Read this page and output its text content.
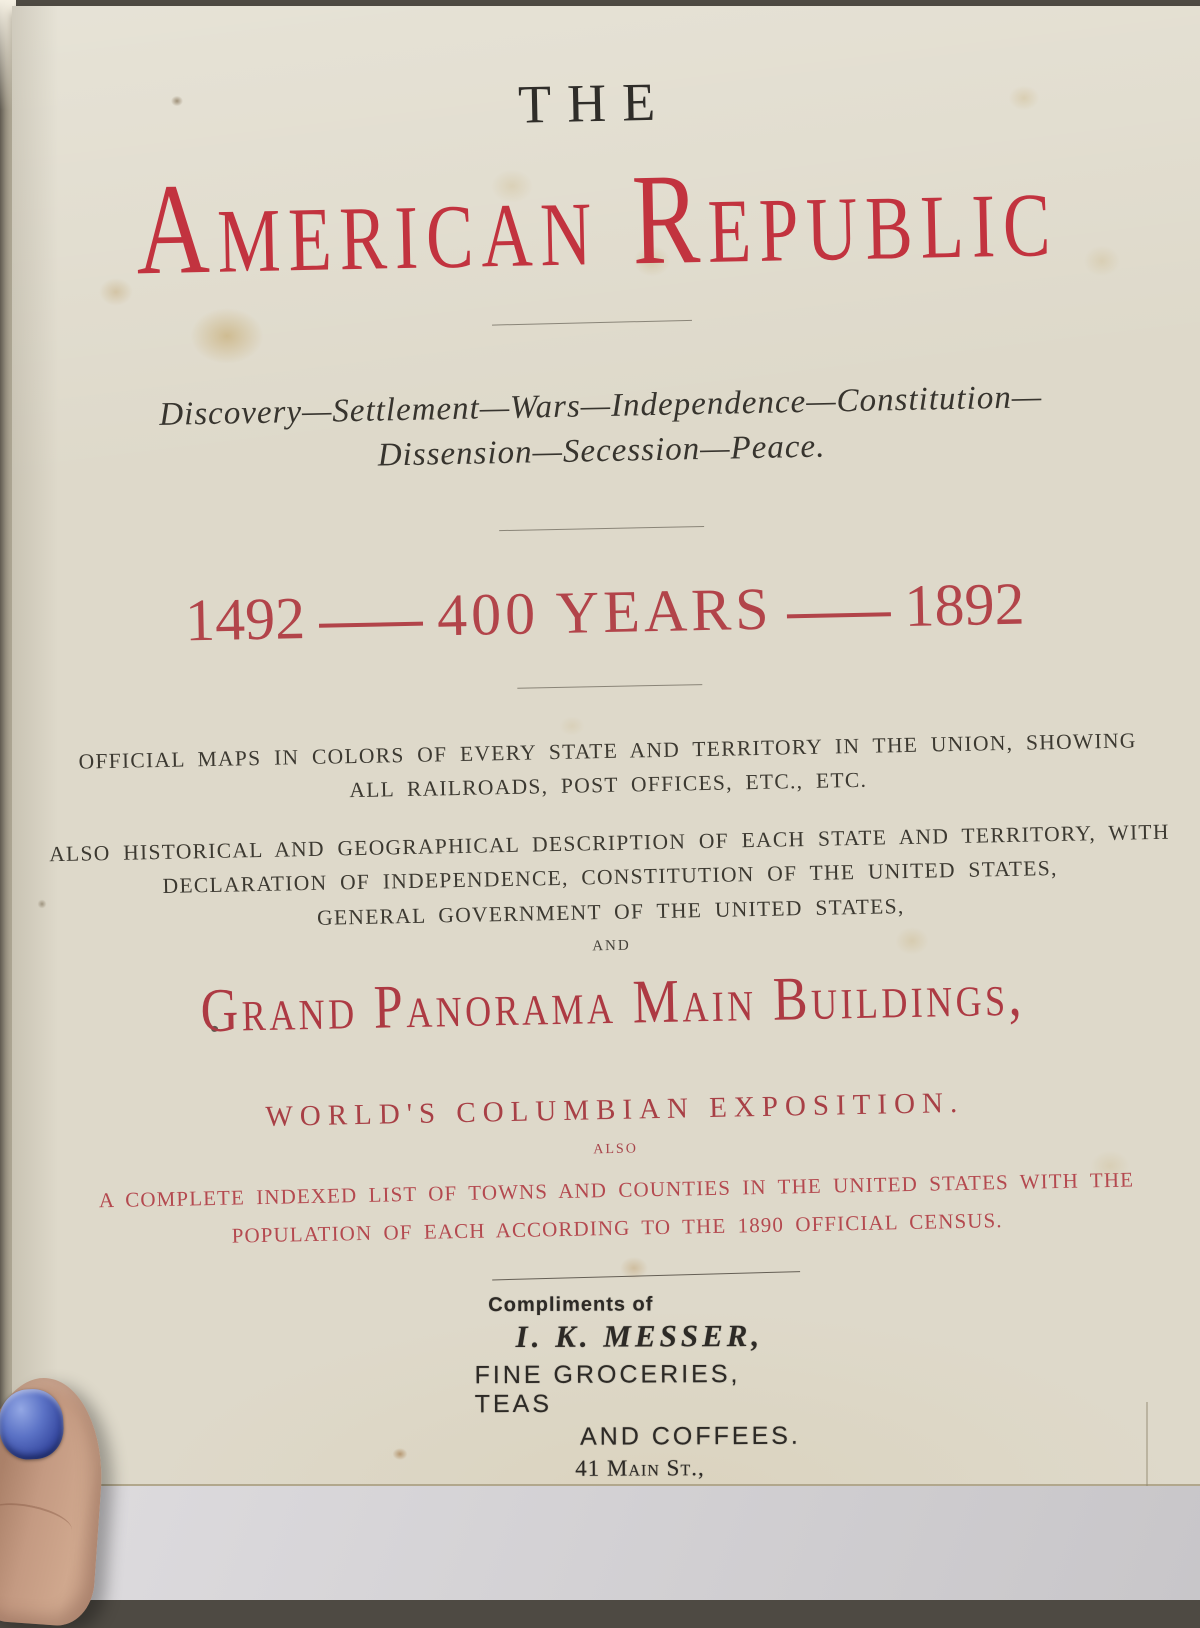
THE
American Republic
Discovery—Settlement—Wars—Independence—Constitution—
Dissension—Secession—Peace.
1492 400 YEARS 1892
OFFICIAL MAPS IN COLORS OF EVERY STATE AND TERRITORY IN THE UNION, SHOWING
ALL RAILROADS, POST OFFICES, ETC., ETC.
ALSO HISTORICAL AND GEOGRAPHICAL DESCRIPTION OF EACH STATE AND TERRITORY, WITH
DECLARATION OF INDEPENDENCE, CONSTITUTION OF THE UNITED STATES,
GENERAL GOVERNMENT OF THE UNITED STATES,
AND
Grand Panorama Main Buildings,
WORLD'S COLUMBIAN EXPOSITION.
ALSO
A COMPLETE INDEXED LIST OF TOWNS AND COUNTIES IN THE UNITED STATES WITH THE
POPULATION OF EACH ACCORDING TO THE 1890 OFFICIAL CENSUS.
Compliments of
I. K. MESSER,
FINE GROCERIES, TEAS
AND COFFEES.
41 Main St.,
